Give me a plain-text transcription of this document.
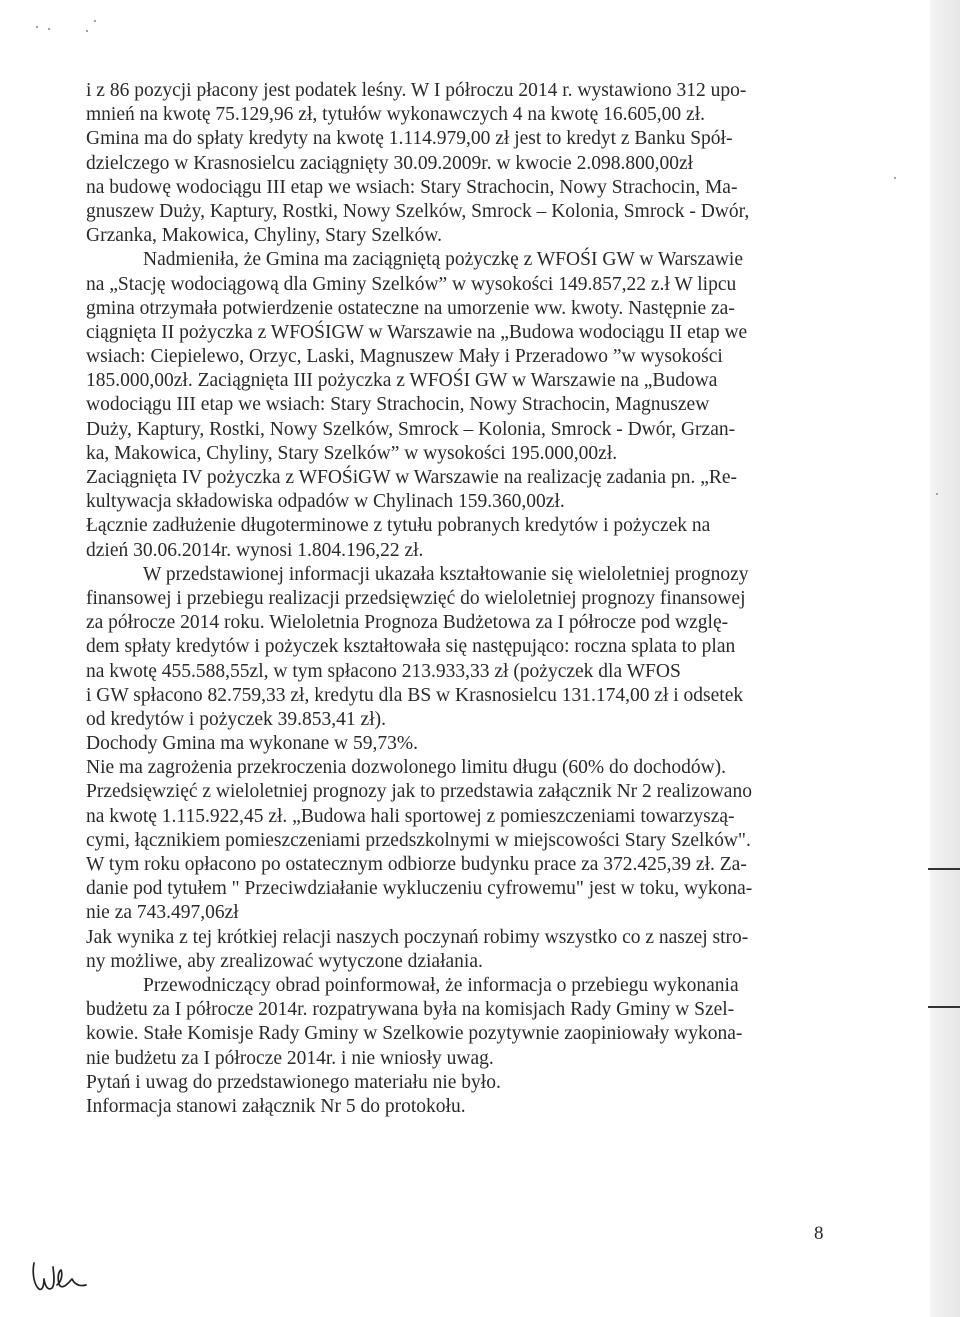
i z 86 pozycji płacony jest podatek leśny. W I półroczu 2014 r. wystawiono 312 upo-
mnień na kwotę 75.129,96 zł, tytułów wykonawczych 4 na kwotę 16.605,00 zł.
Gmina ma do spłaty kredyty na kwotę 1.114.979,00 zł jest to kredyt z Banku Spół-
dzielczego w Krasnosielcu zaciągnięty 30.09.2009r. w kwocie 2.098.800,00zł
na budowę wodociągu III etap we wsiach: Stary Strachocin, Nowy Strachocin, Ma-
gnuszew Duży, Kaptury, Rostki, Nowy Szelków, Smrock – Kolonia, Smrock - Dwór,
Grzanka, Makowica, Chyliny, Stary Szelków.
Nadmieniła, że Gmina ma zaciągniętą pożyczkę z WFOŚI GW w Warszawie
na „Stację wodociągową dla Gminy Szelków” w wysokości 149.857,22 z.ł W lipcu
gmina otrzymała potwierdzenie ostateczne na umorzenie ww. kwoty. Następnie za-
ciągnięta II pożyczka z WFOŚIGW w Warszawie na „Budowa wodociągu II etap we
wsiach: Ciepielewo, Orzyc, Laski, Magnuszew Mały i Przeradowo ”w wysokości
185.000,00zł. Zaciągnięta III pożyczka z WFOŚI GW w Warszawie na „Budowa
wodociągu III etap we wsiach: Stary Strachocin, Nowy Strachocin, Magnuszew
Duży, Kaptury, Rostki, Nowy Szelków, Smrock – Kolonia, Smrock - Dwór, Grzan-
ka, Makowica, Chyliny, Stary Szelków” w wysokości 195.000,00zł.
Zaciągnięta IV pożyczka z WFOŚiGW w Warszawie na realizację zadania pn. „Re-
kultywacja składowiska odpadów w Chylinach 159.360,00zł.
Łącznie zadłużenie długoterminowe z tytułu pobranych kredytów i pożyczek na
dzień 30.06.2014r. wynosi 1.804.196,22 zł.
W przedstawionej informacji ukazała kształtowanie się wieloletniej prognozy
finansowej i przebiegu realizacji przedsięwzięć do wieloletniej prognozy finansowej
za półrocze 2014 roku. Wieloletnia Prognoza Budżetowa za I półrocze pod wzglę-
dem spłaty kredytów i pożyczek kształtowała się następująco: roczna splata to plan
na kwotę 455.588,55zl, w tym spłacono 213.933,33 zł (pożyczek dla WFOS
i GW spłacono 82.759,33 zł, kredytu dla BS w Krasnosielcu 131.174,00 zł i odsetek
od kredytów i pożyczek 39.853,41 zł).
Dochody Gmina ma wykonane w 59,73%.
Nie ma zagrożenia przekroczenia dozwolonego limitu długu (60% do dochodów).
Przedsięwzięć z wieloletniej prognozy jak to przedstawia załącznik Nr 2 realizowano
na kwotę 1.115.922,45 zł. „Budowa hali sportowej z pomieszczeniami towarzyszą-
cymi, łącznikiem pomieszczeniami przedszkolnymi w miejscowości Stary Szelków".
W tym roku opłacono po ostatecznym odbiorze budynku prace za 372.425,39 zł. Za-
danie pod tytułem " Przeciwdziałanie wykluczeniu cyfrowemu" jest w toku, wykona-
nie za 743.497,06zł
Jak wynika z tej krótkiej relacji naszych poczynań robimy wszystko co z naszej stro-
ny możliwe, aby zrealizować wytyczone działania.
Przewodniczący obrad poinformował, że informacja o przebiegu wykonania
budżetu za I półrocze 2014r. rozpatrywana była na komisjach Rady Gminy w Szel-
kowie. Stałe Komisje Rady Gminy w Szelkowie pozytywnie zaopiniowały wykona-
nie budżetu za I półrocze 2014r. i nie wniosły uwag.
Pytań i uwag do przedstawionego materiału nie było.
Informacja stanowi załącznik Nr 5 do protokołu.
8
